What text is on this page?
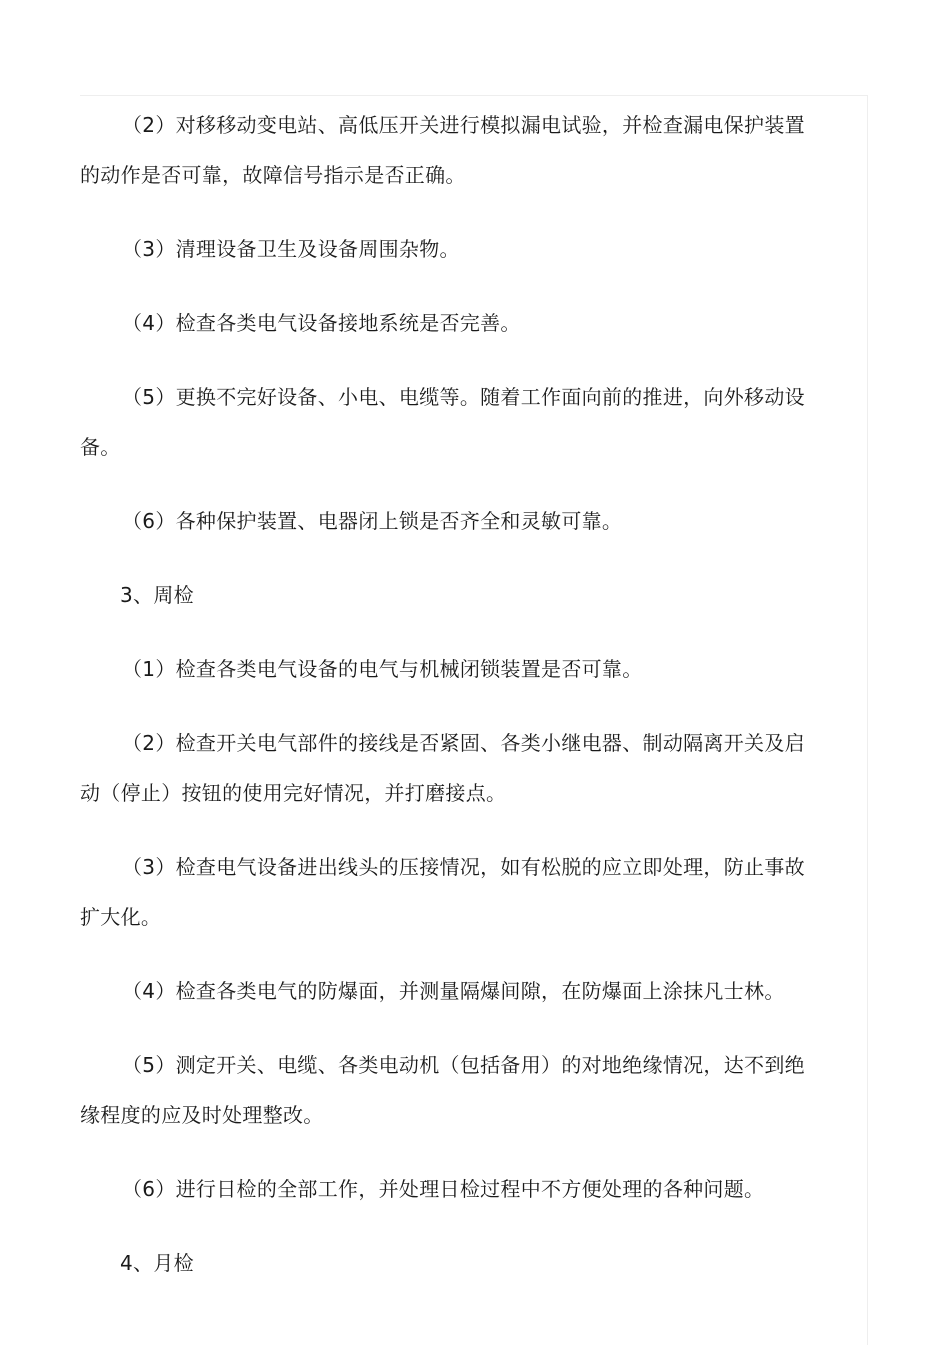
（2）对移移动变电站、高低压开关进行模拟漏电试验，并检查漏电保护装置
的动作是否可靠，故障信号指示是否正确。
（3）清理设备卫生及设备周围杂物。
（4）检查各类电气设备接地系统是否完善。
（5）更换不完好设备、小电、电缆等。随着工作面向前的推进，向外移动设
备。
（6）各种保护装置、电器闭上锁是否齐全和灵敏可靠。
3、周检
（1）检查各类电气设备的电气与机械闭锁装置是否可靠。
（2）检查开关电气部件的接线是否紧固、各类小继电器、制动隔离开关及启
动（停止）按钮的使用完好情况，并打磨接点。
（3）检查电气设备进出线头的压接情况，如有松脱的应立即处理，防止事故
扩大化。
（4）检查各类电气的防爆面，并测量隔爆间隙，在防爆面上涂抹凡士林。
（5）测定开关、电缆、各类电动机（包括备用）的对地绝缘情况，达不到绝
缘程度的应及时处理整改。
（6）进行日检的全部工作，并处理日检过程中不方便处理的各种问题。
4、月检
